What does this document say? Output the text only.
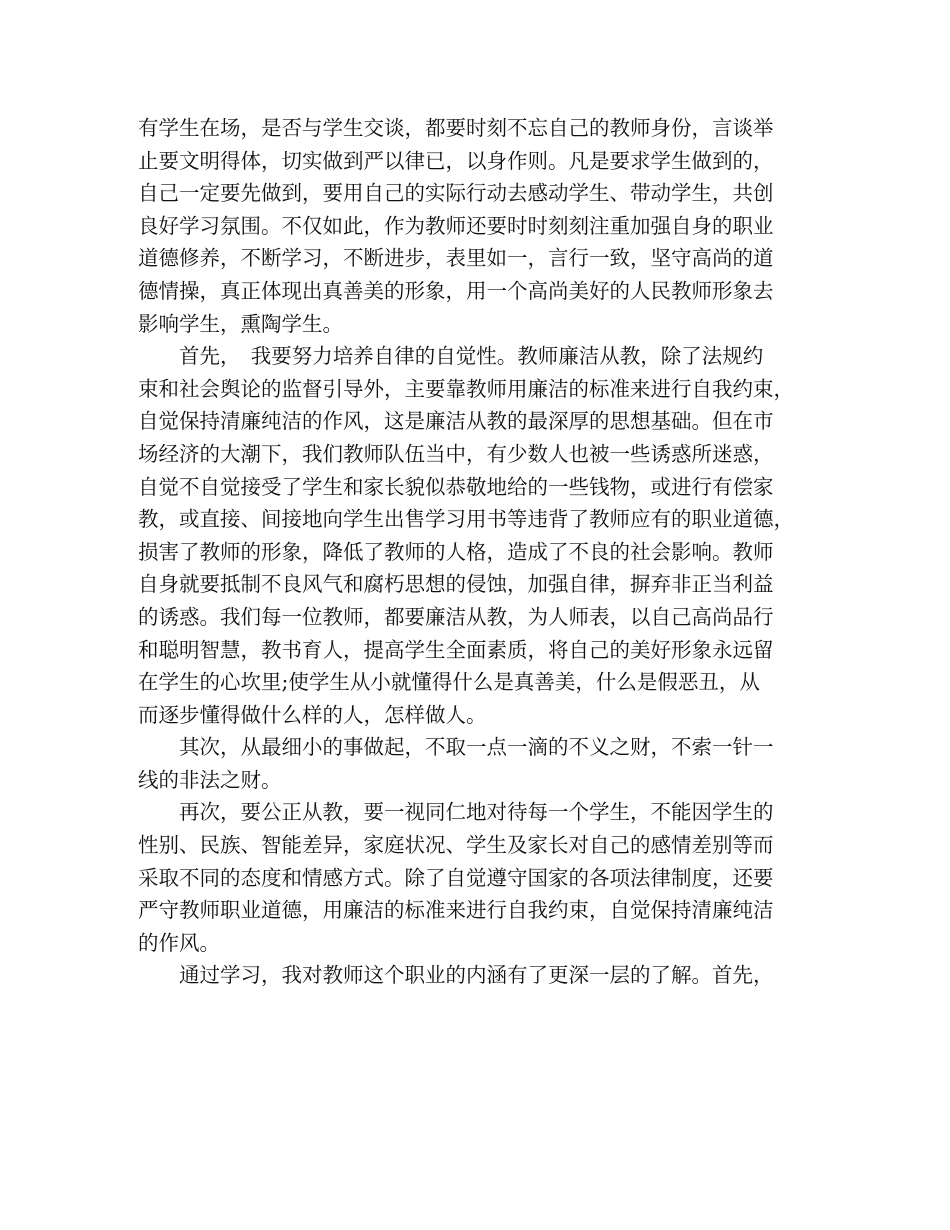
有学生在场，是否与学生交谈，都要时刻不忘自己的教师身份，言谈举
止要文明得体，切实做到严以律已，以身作则。凡是要求学生做到的，
自己一定要先做到，要用自己的实际行动去感动学生、带动学生，共创
良好学习氛围。不仅如此，作为教师还要时时刻刻注重加强自身的职业
道德修养，不断学习，不断进步，表里如一，言行一致，坚守高尚的道
德情操，真正体现出真善美的形象，用一个高尚美好的人民教师形象去
影响学生，熏陶学生。
　　首先，　我要努力培养自律的自觉性。教师廉洁从教，除了法规约
束和社会舆论的监督引导外，主要靠教师用廉洁的标准来进行自我约束，
自觉保持清廉纯洁的作风，这是廉洁从教的最深厚的思想基础。但在市
场经济的大潮下，我们教师队伍当中，有少数人也被一些诱惑所迷惑，
自觉不自觉接受了学生和家长貌似恭敬地给的一些钱物，或进行有偿家
教，或直接、间接地向学生出售学习用书等违背了教师应有的职业道德，
损害了教师的形象，降低了教师的人格，造成了不良的社会影响。教师
自身就要抵制不良风气和腐朽思想的侵蚀，加强自律，摒弃非正当利益
的诱惑。我们每一位教师，都要廉洁从教，为人师表，以自己高尚品行
和聪明智慧，教书育人，提高学生全面素质，将自己的美好形象永远留
在学生的心坎里;使学生从小就懂得什么是真善美，什么是假恶丑，从
而逐步懂得做什么样的人，怎样做人。
　　其次，从最细小的事做起，不取一点一滴的不义之财，不索一针一
线的非法之财。
　　再次，要公正从教，要一视同仁地对待每一个学生，不能因学生的
性别、民族、智能差异，家庭状况、学生及家长对自己的感情差别等而
采取不同的态度和情感方式。除了自觉遵守国家的各项法律制度，还要
严守教师职业道德，用廉洁的标准来进行自我约束，自觉保持清廉纯洁
的作风。
　　通过学习，我对教师这个职业的内涵有了更深一层的了解。首先，
